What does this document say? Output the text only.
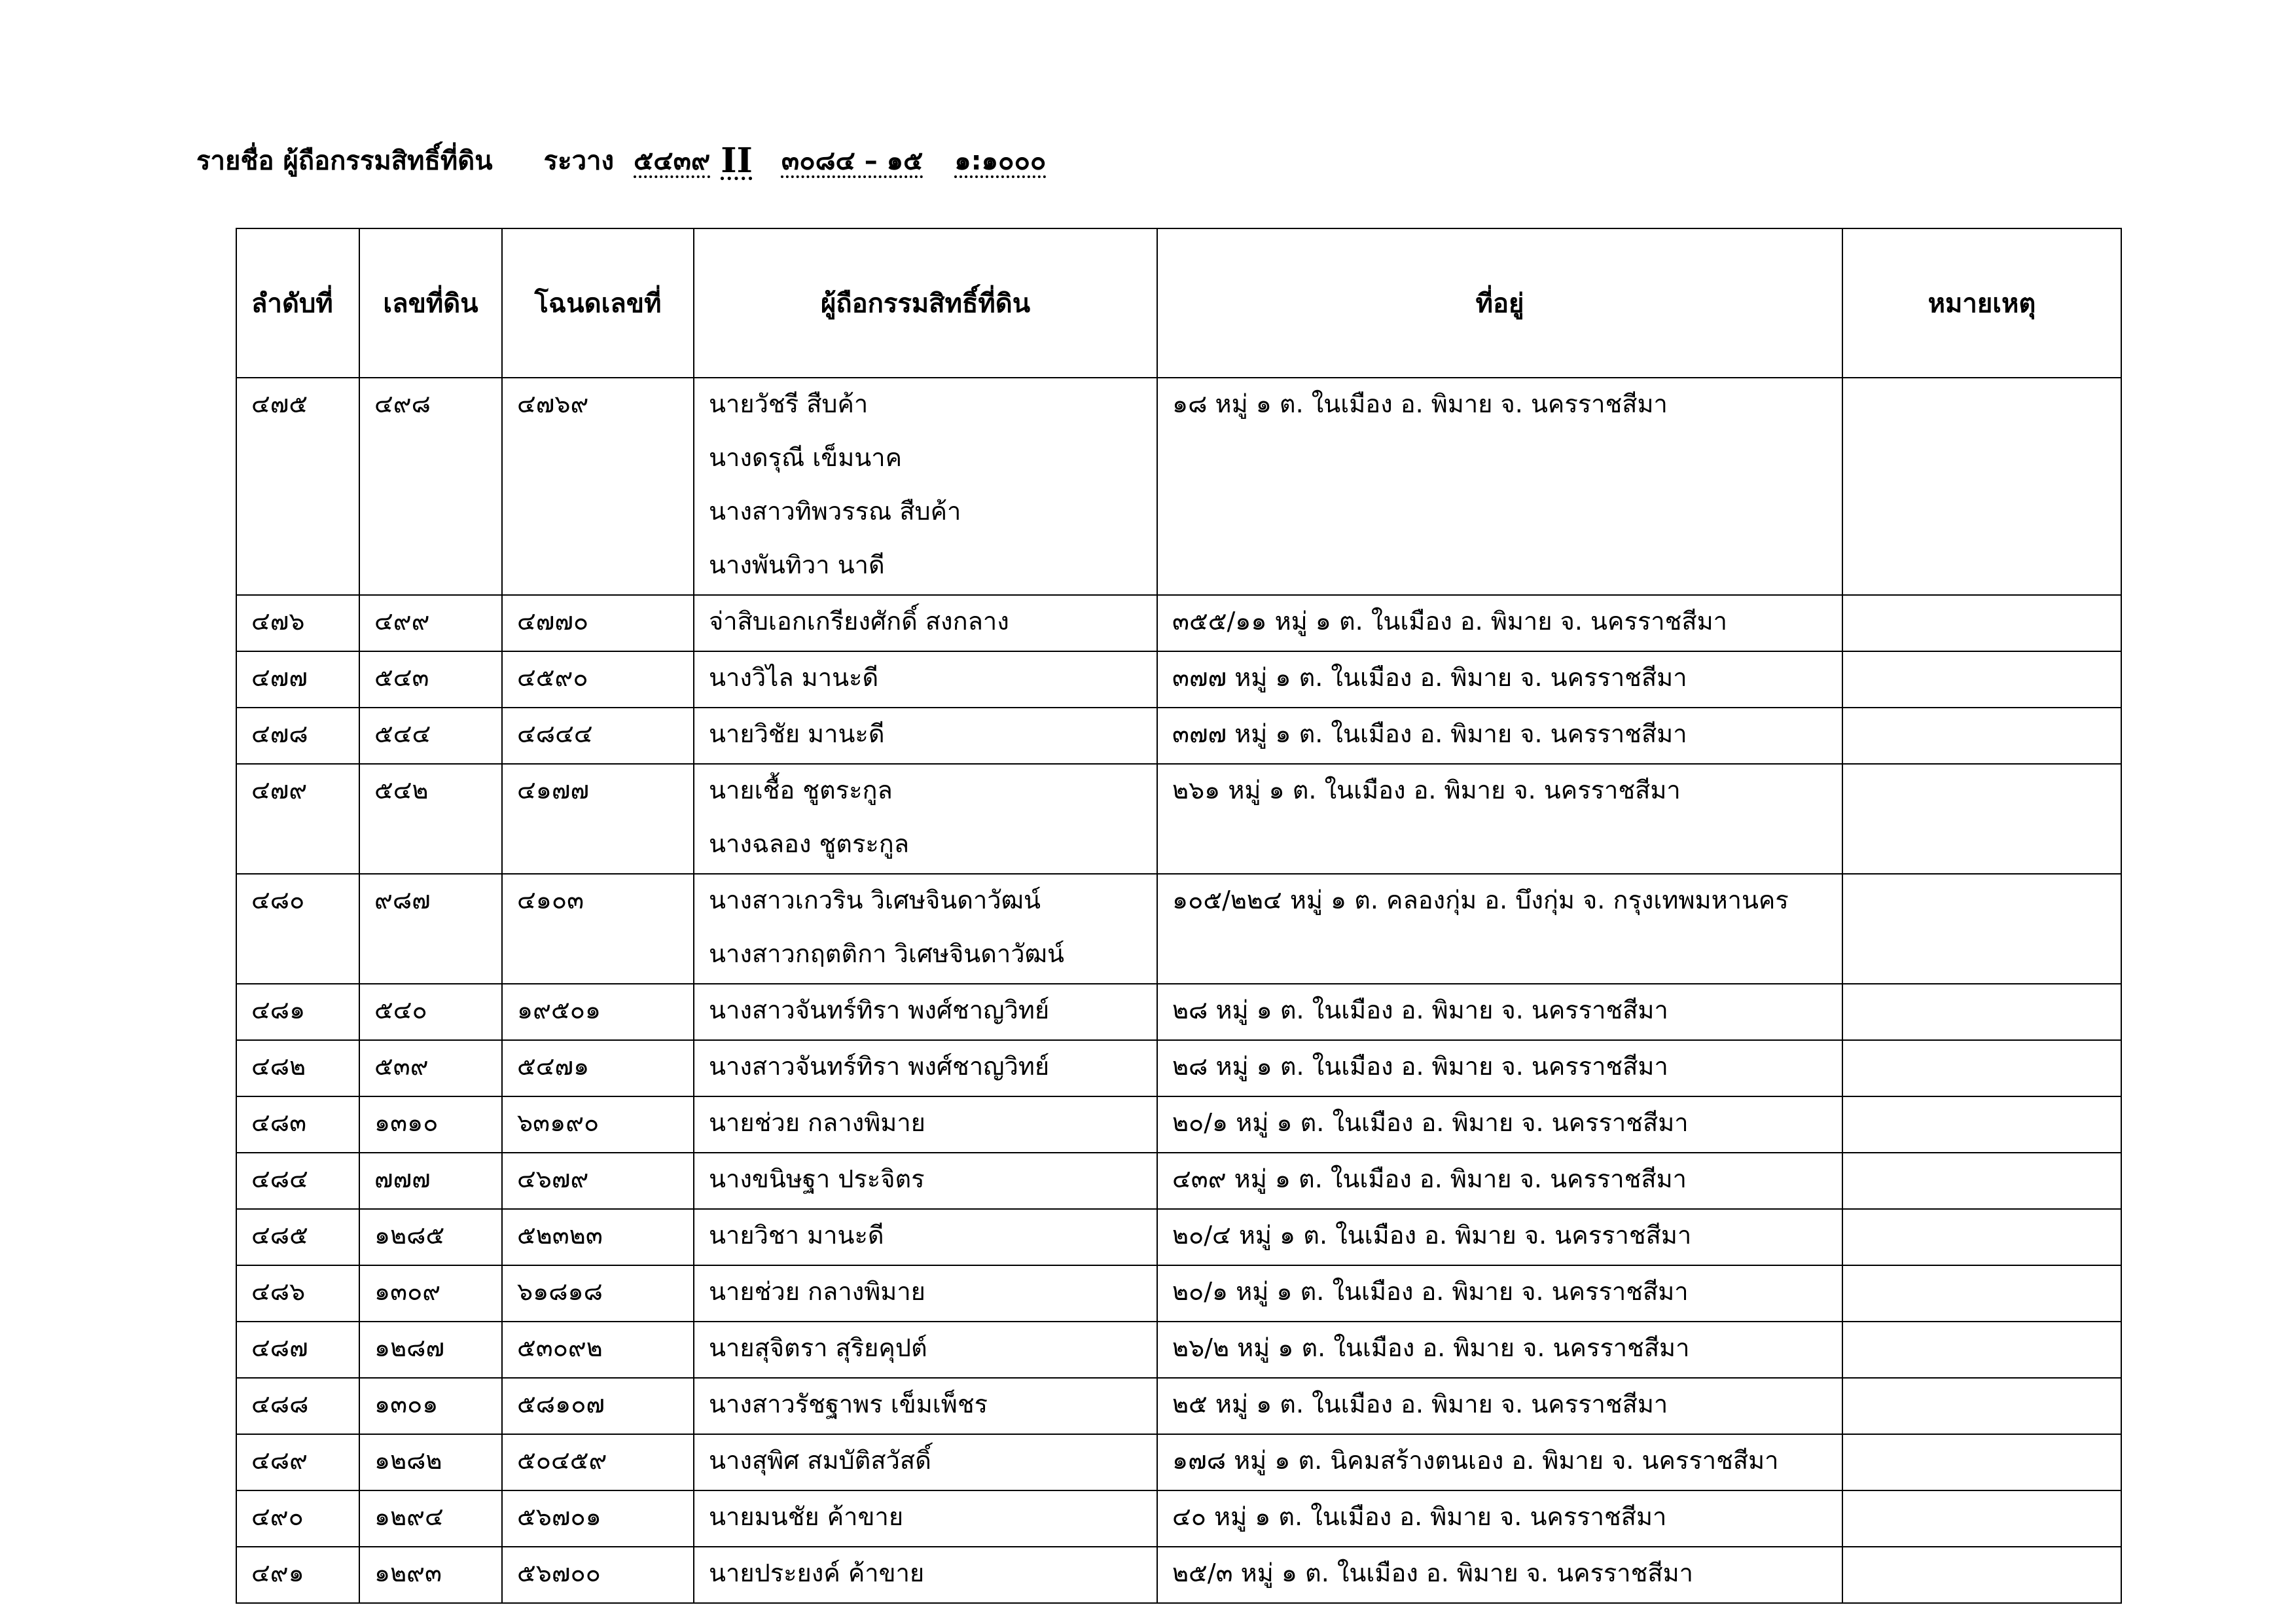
รายชื่อ ผู้ถือกรรมสิทธิ์ที่ดิน ระวาง ๕๔๓๙ II ๓๐๘๔ – ๑๕ ๑:๑๐๐๐
ลำดับที่	เลขที่ดิน	โฉนดเลขที่	ผู้ถือกรรมสิทธิ์ที่ดิน	ที่อยู่	หมายเหตุ

๔๗๕	๔๙๘	๔๗๖๙	นายวัชรี สืบค้า
นางดรุณี เข็มนาค
นางสาวทิพวรรณ สืบค้า
นางพันทิวา นาดี	๑๘ หมู่ ๑ ต. ในเมือง อ. พิมาย จ. นครราชสีมา	

๔๗๖	๔๙๙	๔๗๗๐	จ่าสิบเอกเกรียงศักดิ์ สงกลาง	๓๕๕/๑๑ หมู่ ๑ ต. ในเมือง อ. พิมาย จ. นครราชสีมา	

๔๗๗	๕๔๓	๔๕๙๐	นางวิไล มานะดี	๓๗๗ หมู่ ๑ ต. ในเมือง อ. พิมาย จ. นครราชสีมา	

๔๗๘	๕๔๔	๔๘๔๔	นายวิชัย มานะดี	๓๗๗ หมู่ ๑ ต. ในเมือง อ. พิมาย จ. นครราชสีมา	

๔๗๙	๕๔๒	๔๑๗๗	นายเชื้อ ชูตระกูล
นางฉลอง ชูตระกูล	๒๖๑ หมู่ ๑ ต. ในเมือง อ. พิมาย จ. นครราชสีมา	

๔๘๐	๙๘๗	๔๑๐๓	นางสาวเกวริน วิเศษจินดาวัฒน์
นางสาวกฤตติกา วิเศษจินดาวัฒน์	๑๐๕/๒๒๔ หมู่ ๑ ต. คลองกุ่ม อ. บึงกุ่ม จ. กรุงเทพมหานคร	

๔๘๑	๕๔๐	๑๙๕๐๑	นางสาวจันทร์ทิรา พงศ์ชาญวิทย์	๒๘ หมู่ ๑ ต. ในเมือง อ. พิมาย จ. นครราชสีมา	

๔๘๒	๕๓๙	๕๔๗๑	นางสาวจันทร์ทิรา พงศ์ชาญวิทย์	๒๘ หมู่ ๑ ต. ในเมือง อ. พิมาย จ. นครราชสีมา	

๔๘๓	๑๓๑๐	๖๓๑๙๐	นายช่วย กลางพิมาย	๒๐/๑ หมู่ ๑ ต. ในเมือง อ. พิมาย จ. นครราชสีมา	

๔๘๔	๗๗๗	๔๖๗๙	นางขนิษฐา ประจิตร	๔๓๙ หมู่ ๑ ต. ในเมือง อ. พิมาย จ. นครราชสีมา	

๔๘๕	๑๒๘๕	๕๒๓๒๓	นายวิชา มานะดี	๒๐/๔ หมู่ ๑ ต. ในเมือง อ. พิมาย จ. นครราชสีมา	

๔๘๖	๑๓๐๙	๖๑๘๑๘	นายช่วย กลางพิมาย	๒๐/๑ หมู่ ๑ ต. ในเมือง อ. พิมาย จ. นครราชสีมา	

๔๘๗	๑๒๘๗	๕๓๐๙๒	นายสุจิตรา สุริยคุปต์	๒๖/๒ หมู่ ๑ ต. ในเมือง อ. พิมาย จ. นครราชสีมา	

๔๘๘	๑๓๐๑	๕๘๑๐๗	นางสาวรัชฐาพร เข็มเพ็ชร	๒๕ หมู่ ๑ ต. ในเมือง อ. พิมาย จ. นครราชสีมา	

๔๘๙	๑๒๘๒	๕๐๔๕๙	นางสุพิศ สมบัติสวัสดิ์	๑๗๘ หมู่ ๑ ต. นิคมสร้างตนเอง อ. พิมาย จ. นครราชสีมา	

๔๙๐	๑๒๙๔	๕๖๗๐๑	นายมนชัย ค้าขาย	๔๐ หมู่ ๑ ต. ในเมือง อ. พิมาย จ. นครราชสีมา	

๔๙๑	๑๒๙๓	๕๖๗๐๐	นายประยงค์ ค้าขาย	๒๕/๓ หมู่ ๑ ต. ในเมือง อ. พิมาย จ. นครราชสีมา	
